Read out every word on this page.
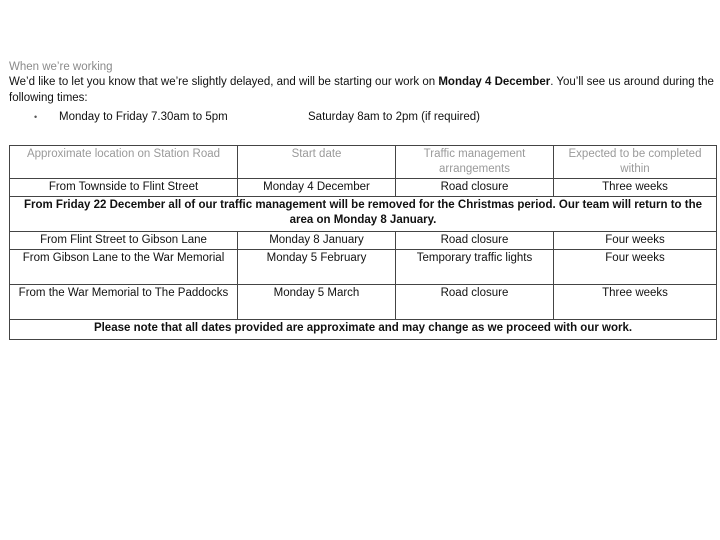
When we’re working
We’d like to let you know that we’re slightly delayed, and will be starting our work on Monday 4 December. You’ll see us around during the following times:
• Monday to Friday 7.30am to 5pm	Saturday 8am to 2pm (if required)
Approximate location on Station Road	Start date	Traffic management arrangements	Expected to be completed within
From Townside to Flint Street	Monday 4 December	Road closure	Three weeks
From Friday 22 December all of our traffic management will be removed for the Christmas period. Our team will return to the area on Monday 8 January.			
From Flint Street to Gibson Lane	Monday 8 January	Road closure	Four weeks
From Gibson Lane to the War Memorial	Monday 5 February	Temporary traffic lights	Four weeks
From the War Memorial to The Paddocks	Monday 5 March	Road closure	Three weeks
Please note that all dates provided are approximate and may change as we proceed with our work.			
